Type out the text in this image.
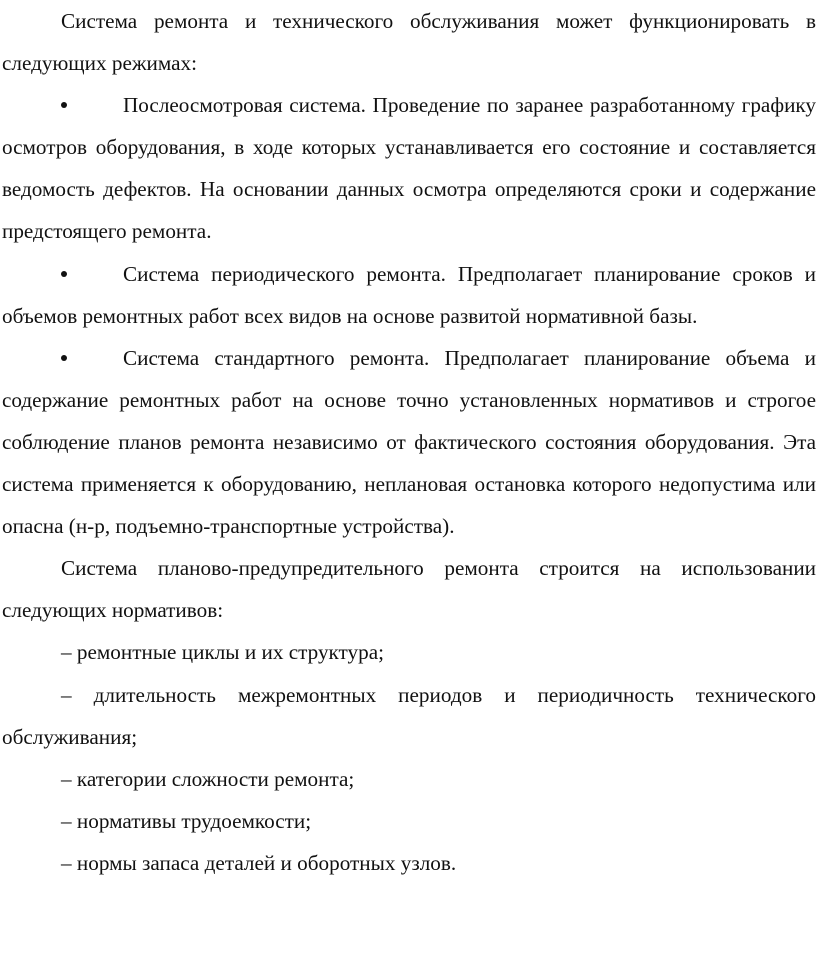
Система ремонта и технического обслуживания может функционировать в следующих режимах:

Послеосмотровая система. Проведение по заранее разработанному графику осмотров оборудования, в ходе которых устанавливается его состояние и составляется ведомость дефектов. На основании данных осмотра определяются сроки и содержание предстоящего ремонта.

Система периодического ремонта. Предполагает планирование сроков и объемов ремонтных работ всех видов на основе развитой нормативной базы.

Система стандартного ремонта. Предполагает планирование объема и содержание ремонтных работ на основе точно установленных нормативов и строгое соблюдение планов ремонта независимо от фактического состояния оборудования. Эта система применяется к оборудованию, неплановая остановка которого недопустима или опасна (н-р, подъемно-транспортные устройства).

Система планово-предупредительного ремонта строится на использовании следующих нормативов:

– ремонтные циклы и их структура;

– длительность межремонтных периодов и периодичность технического обслуживания;

– категории сложности ремонта;

– нормативы трудоемкости;

– нормы запаса деталей и оборотных узлов.
